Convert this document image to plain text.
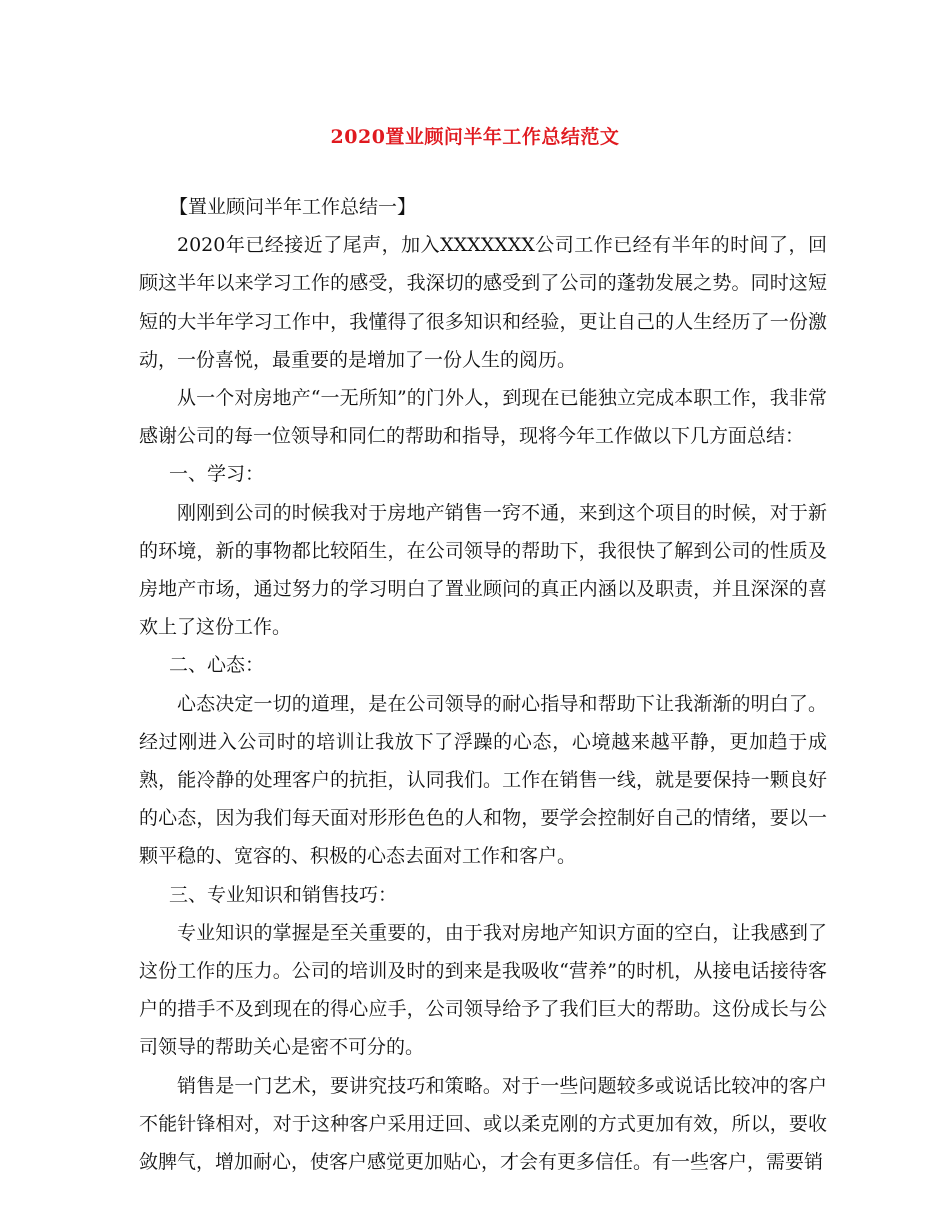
2020置业顾问半年工作总结范文

【置业顾问半年工作总结一】

2020年已经接近了尾声，加入XXXXXXX公司工作已经有半年的时间了，回顾这半年以来学习工作的感受，我深切的感受到了公司的蓬勃发展之势。同时这短短的大半年学习工作中，我懂得了很多知识和经验，更让自己的人生经历了一份激动，一份喜悦，最重要的是增加了一份人生的阅历。

从一个对房地产“一无所知”的门外人，到现在已能独立完成本职工作，我非常感谢公司的每一位领导和同仁的帮助和指导，现将今年工作做以下几方面总结：

一、学习：

刚刚到公司的时候我对于房地产销售一窍不通，来到这个项目的时候，对于新的环境，新的事物都比较陌生，在公司领导的帮助下，我很快了解到公司的性质及房地产市场，通过努力的学习明白了置业顾问的真正内涵以及职责，并且深深的喜欢上了这份工作。

二、心态：

心态决定一切的道理，是在公司领导的耐心指导和帮助下让我渐渐的明白了。经过刚进入公司时的培训让我放下了浮躁的心态，心境越来越平静，更加趋于成熟，能冷静的处理客户的抗拒，认同我们。工作在销售一线，就是要保持一颗良好的心态，因为我们每天面对形形色色的人和物，要学会控制好自己的情绪，要以一颗平稳的、宽容的、积极的心态去面对工作和客户。

三、专业知识和销售技巧：

专业知识的掌握是至关重要的，由于我对房地产知识方面的空白，让我感到了这份工作的压力。公司的培训及时的到来是我吸收“营养”的时机，从接电话接待客户的措手不及到现在的得心应手，公司领导给予了我们巨大的帮助。这份成长与公司领导的帮助关心是密不可分的。

销售是一门艺术，要讲究技巧和策略。对于一些问题较多或说话比较冲的客户不能针锋相对，对于这种客户采用迂回、或以柔克刚的方式更加有效，所以，要收敛脾气，增加耐心，使客户感觉更加贴心，才会有更多信任。有一些客户，需要销
